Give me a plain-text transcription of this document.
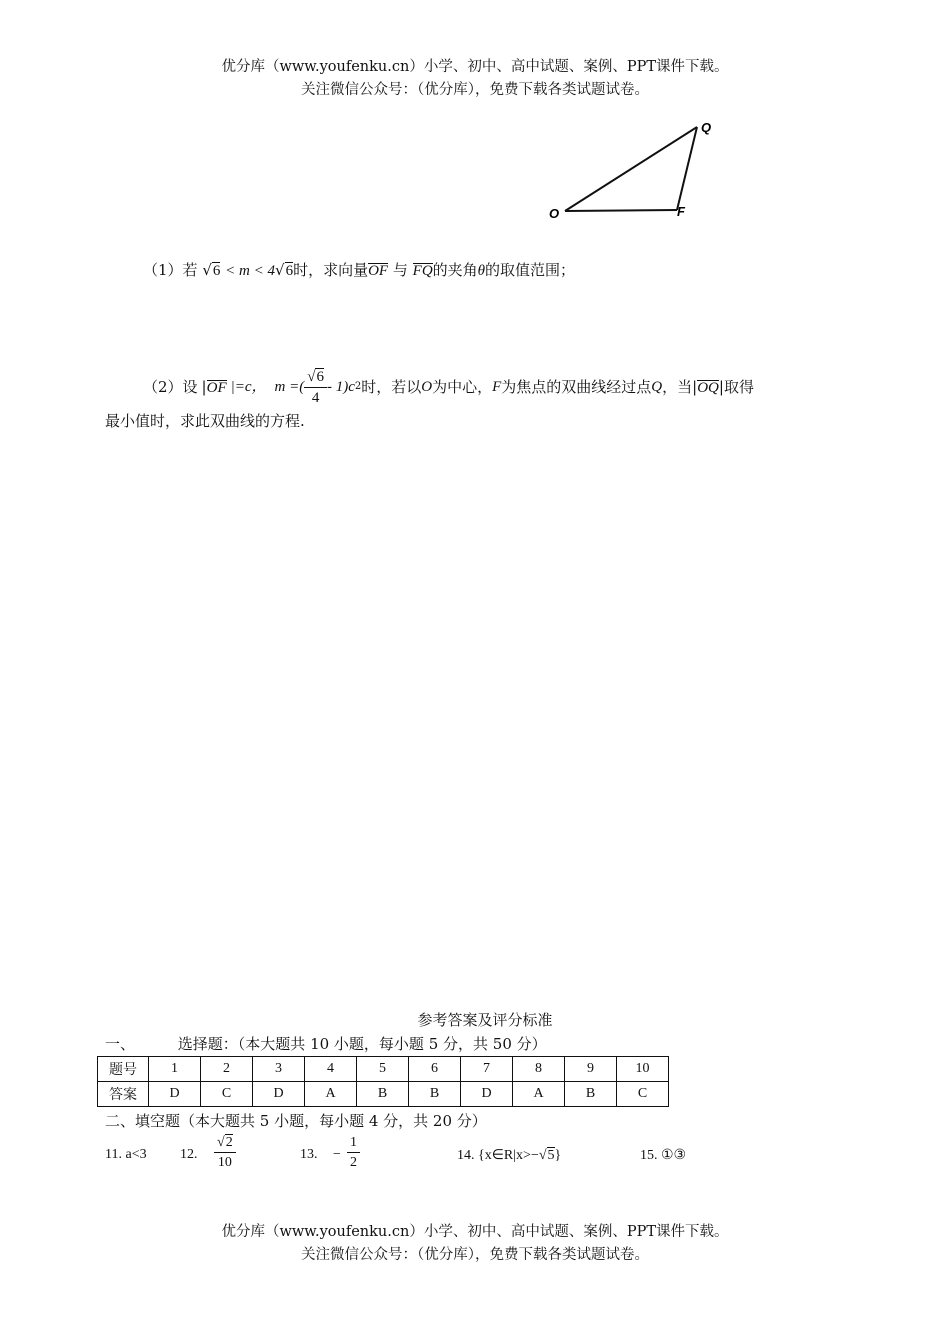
优分库（www.youfenku.cn）小学、初中、高中试题、案例、PPT课件下载。
关注微信公众号：（优分库），免费下载各类试题试卷。
O	F
Q
（1）若 √6 < m < 4√6时，求向量OF 与 FQ的夹角θ的取值范围；
（2）设 |OF |=c， m =( $\frac{√6}{4} - 1)c$ 2 时，若以 O 为中心， F 为焦点的双曲线经过点 Q ，当 |OQ| 取得
最小值时，求此双曲线的方程.
参考答案及评分标准
一、	选择题：（本大题共 10 小题，每小题 5 分，共 50 分）
题号	1	2	3	4	5	6	7	8	9	10
答案	D	C	D	A	B	B	D	A	B	C
二、填空题（本大题共 5 小题，每小题 4 分，共 20 分）
11. a<3 12. $\frac{√2}{10}$	13. − $\frac{1}{2}$	14. {x∈R|x>−√5}	15. ①③
优分库（www.youfenku.cn）小学、初中、高中试题、案例、PPT课件下载。
关注微信公众号：（优分库），免费下载各类试题试卷。
